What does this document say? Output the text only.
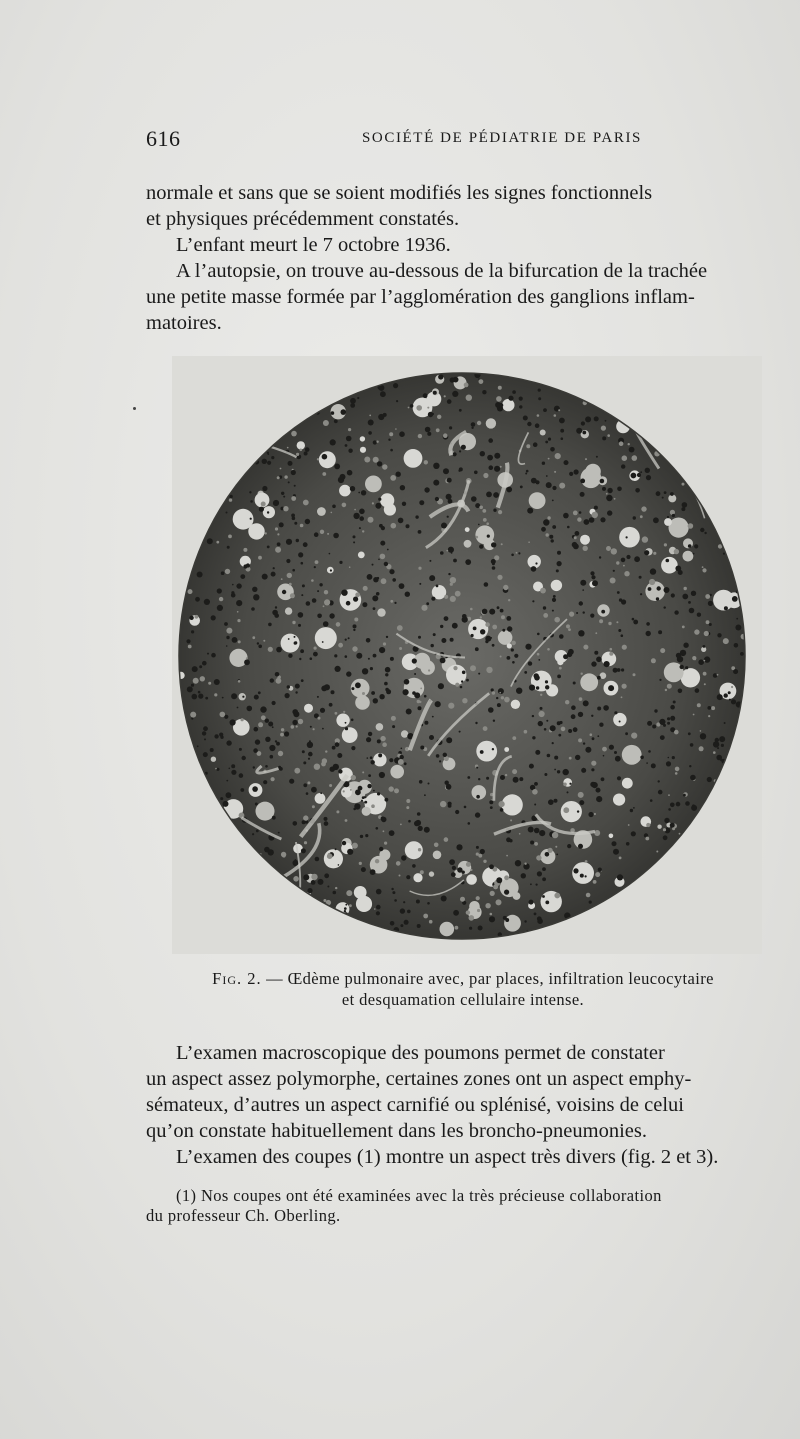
616	SOCIÉTÉ DE PÉDIATRIE DE PARIS

normale et sans que se soient modifiés les signes fonctionnels

et physiques précédemment constatés.

L’enfant meurt le 7 octobre 1936.

A l’autopsie, on trouve au-dessous de la bifurcation de la trachée

une petite masse formée par l’agglomération des ganglions inflam-

matoires.

Fig. 2. — Œdème pulmonaire avec, par places, infiltration leucocytaire
et desquamation cellulaire intense.

L’examen macroscopique des poumons permet de constater

un aspect assez polymorphe, certaines zones ont un aspect emphy-

sémateux, d’autres un aspect carnifié ou splénisé, voisins de celui

qu’on constate habituellement dans les broncho-pneumonies.

L’examen des coupes (1) montre un aspect très divers (fig. 2 et 3).

(1) Nos coupes ont été examinées avec la très précieuse collaboration

du professeur Ch. Oberling.
